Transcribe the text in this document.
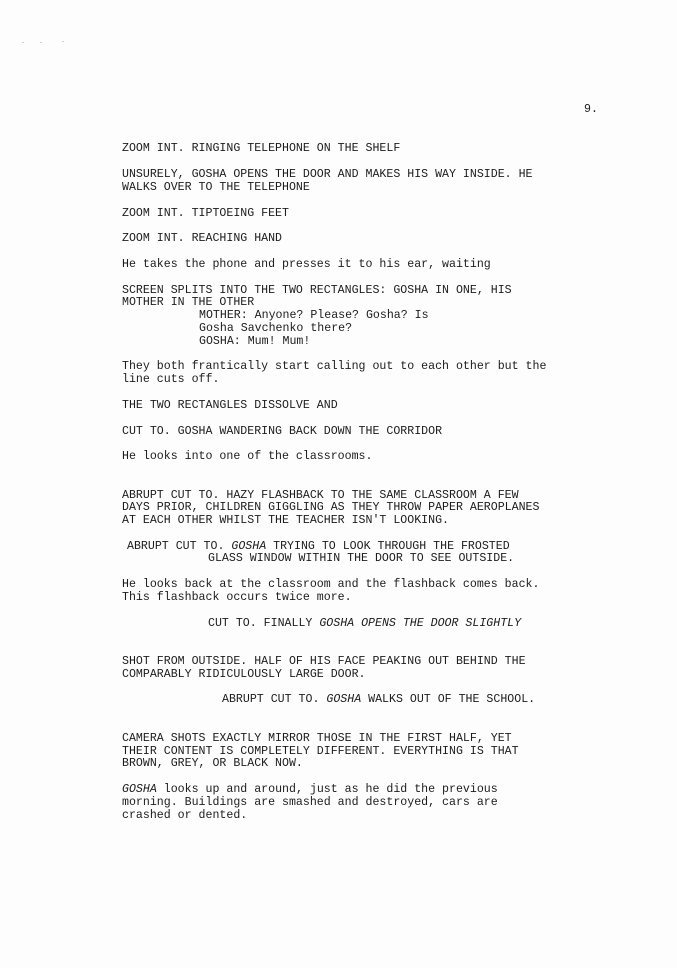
9.
ZOOM INT. RINGING TELEPHONE ON THE SHELF
UNSURELY, GOSHA OPENS THE DOOR AND MAKES HIS WAY INSIDE. HE
WALKS OVER TO THE TELEPHONE
ZOOM INT. TIPTOEING FEET
ZOOM INT. REACHING HAND
He takes the phone and presses it to his ear, waiting
SCREEN SPLITS INTO THE TWO RECTANGLES: GOSHA IN ONE, HIS
MOTHER IN THE OTHER
MOTHER: Anyone? Please? Gosha? Is
Gosha Savchenko there?
GOSHA: Mum! Mum!
They both frantically start calling out to each other but the
line cuts off.
THE TWO RECTANGLES DISSOLVE AND
CUT TO. GOSHA WANDERING BACK DOWN THE CORRIDOR
He looks into one of the classrooms.
ABRUPT CUT TO. HAZY FLASHBACK TO THE SAME CLASSROOM A FEW
DAYS PRIOR, CHILDREN GIGGLING AS THEY THROW PAPER AEROPLANES
AT EACH OTHER WHILST THE TEACHER ISN'T LOOKING.
ABRUPT CUT TO. GOSHA TRYING TO LOOK THROUGH THE FROSTED
GLASS WINDOW WITHIN THE DOOR TO SEE OUTSIDE.
He looks back at the classroom and the flashback comes back.
This flashback occurs twice more.
CUT TO. FINALLY GOSHA OPENS THE DOOR SLIGHTLY
SHOT FROM OUTSIDE. HALF OF HIS FACE PEAKING OUT BEHIND THE
COMPARABLY RIDICULOUSLY LARGE DOOR.
ABRUPT CUT TO. GOSHA WALKS OUT OF THE SCHOOL.
CAMERA SHOTS EXACTLY MIRROR THOSE IN THE FIRST HALF, YET
THEIR CONTENT IS COMPLETELY DIFFERENT. EVERYTHING IS THAT
BROWN, GREY, OR BLACK NOW.
GOSHA looks up and around, just as he did the previous
morning. Buildings are smashed and destroyed, cars are
crashed or dented.
